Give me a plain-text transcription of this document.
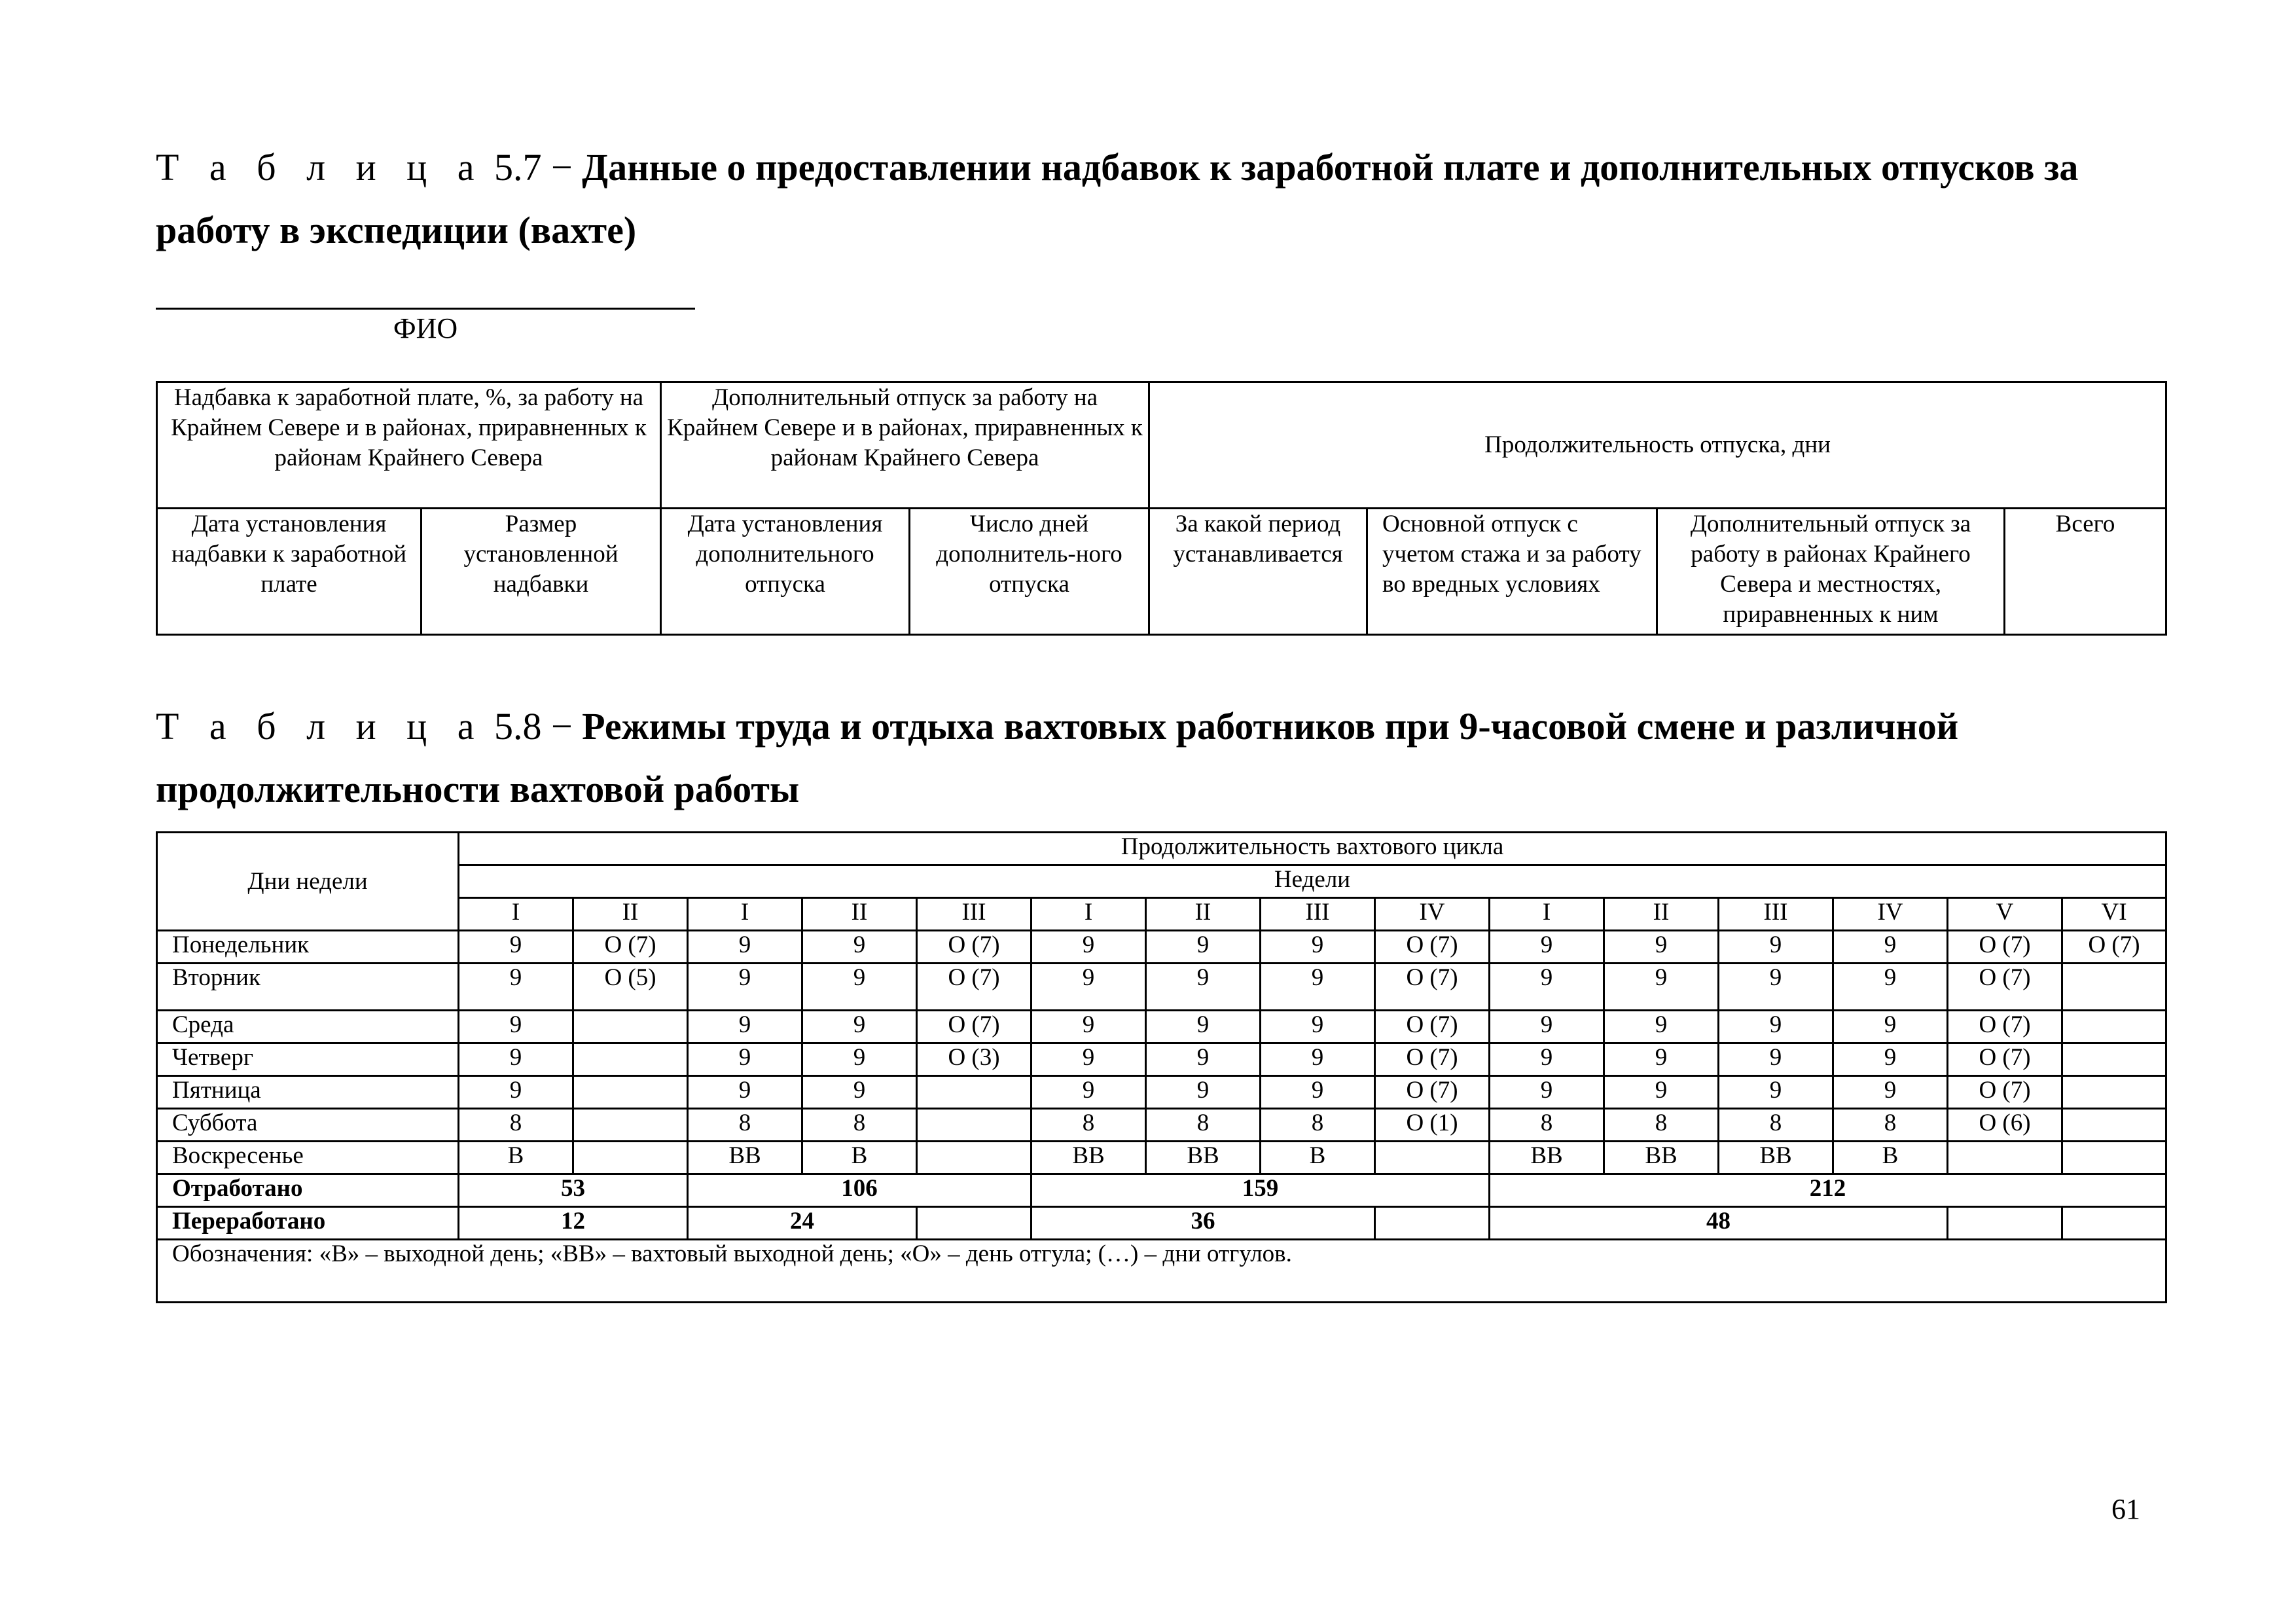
Т а б л и ц а 5.7 − Данные о предоставлении надбавок к заработной плате и дополнительных отпусков за работу в экспедиции (вахте)

ФИО
Надбавка к заработной плате, %, за работу на Крайнем Севере и в районах, приравненных к районам Крайнего Севера		Дополнительный отпуск за работу на Крайнем Севере и в районах, приравненных к районам Крайнего Севера		Продолжительность отпуска, дни			
Дата установления надбавки к заработной плате	Размер установленной надбавки	Дата установления дополнительного отпуска	Число дней дополнитель-ного отпуска	За какой период устанавливается	Основной отпуск с учетом стажа и за работу во вредных условиях	Дополнительный отпуск за работу в районах Крайнего Севера и местностях, приравненных к ним	Всего

Т а б л и ц а 5.8 − Режимы труда и отдыха вахтовых работников при 9-часовой смене и различной продолжительности вахтовой работы

Дни недели	Продолжительность вахтового цикла														
	Недели														
	I	II	I	II	III	I	II	III	IV	I	II	III	IV	V	VI
Понедельник	9	О (7)	9	9	О (7)	9	9	9	О (7)	9	9	9	9	О (7)	О (7)
Вторник	9	О (5)	9	9	О (7)	9	9	9	О (7)	9	9	9	9	О (7)	
Среда	9		9	9	О (7)	9	9	9	О (7)	9	9	9	9	О (7)	
Четверг	9		9	9	О (3)	9	9	9	О (7)	9	9	9	9	О (7)	
Пятница	9		9	9		9	9	9	О (7)	9	9	9	9	О (7)	
Суббота	8		8	8		8	8	8	О (1)	8	8	8	8	О (6)	
Воскресенье	В		ВВ	В		ВВ	ВВ	В		ВВ	ВВ	ВВ	В		
Отработано	53		106			159				212					
Переработано	12		24			36				48					
Обозначения: «В» – выходной день; «ВВ» – вахтовый выходной день; «О» – день отгула; (…) – дни отгулов.															
61
